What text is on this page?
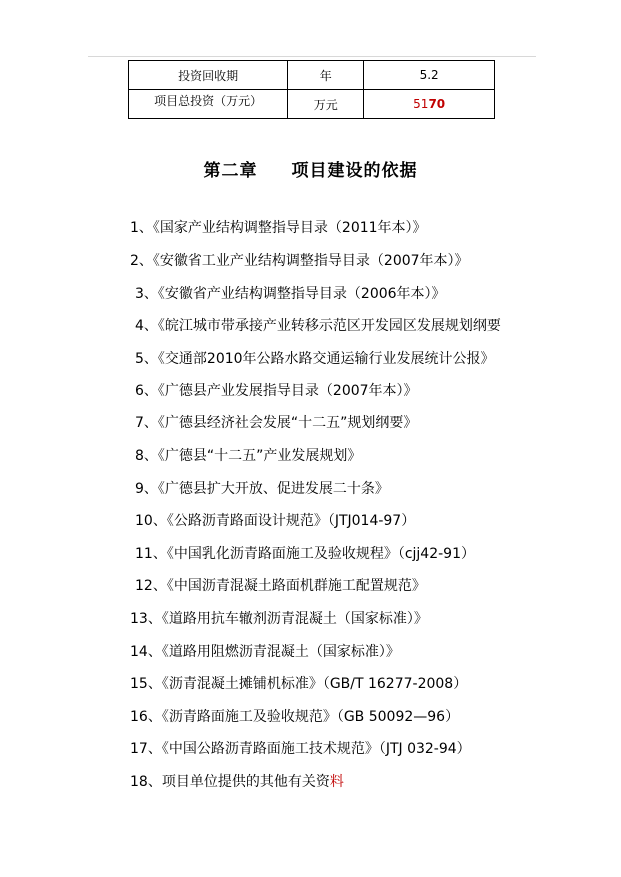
投资回收期	年	5.2
项目总投资（万元）	万元	5170
第二章 项目建设的依据
1、《国家产业结构调整指导目录（2011年本）》
2、《安徽省工业产业结构调整指导目录（2007年本）》
3、《安徽省产业结构调整指导目录（2006年本）》
4、《皖江城市带承接产业转移示范区开发园区发展规划纲要
5、《交通部2010年公路水路交通运输行业发展统计公报》
6、《广德县产业发展指导目录（2007年本）》
7、《广德县经济社会发展“十二五”规划纲要》
8、《广德县“十二五”产业发展规划》
9、《广德县扩大开放、促进发展二十条》
10、《公路沥青路面设计规范》（JTJ014-97）
11、《中国乳化沥青路面施工及验收规程》（cjj42-91）
12、《中国沥青混凝土路面机群施工配置规范》
13、《道路用抗车辙剂沥青混凝土（国家标准）》
14、《道路用阻燃沥青混凝土（国家标准）》
15、《沥青混凝土摊铺机标准》（GB/T 16277-2008）
16、《沥青路面施工及验收规范》（GB 50092—96）
17、《中国公路沥青路面施工技术规范》（JTJ 032-94）
18、项目单位提供的其他有关资料
